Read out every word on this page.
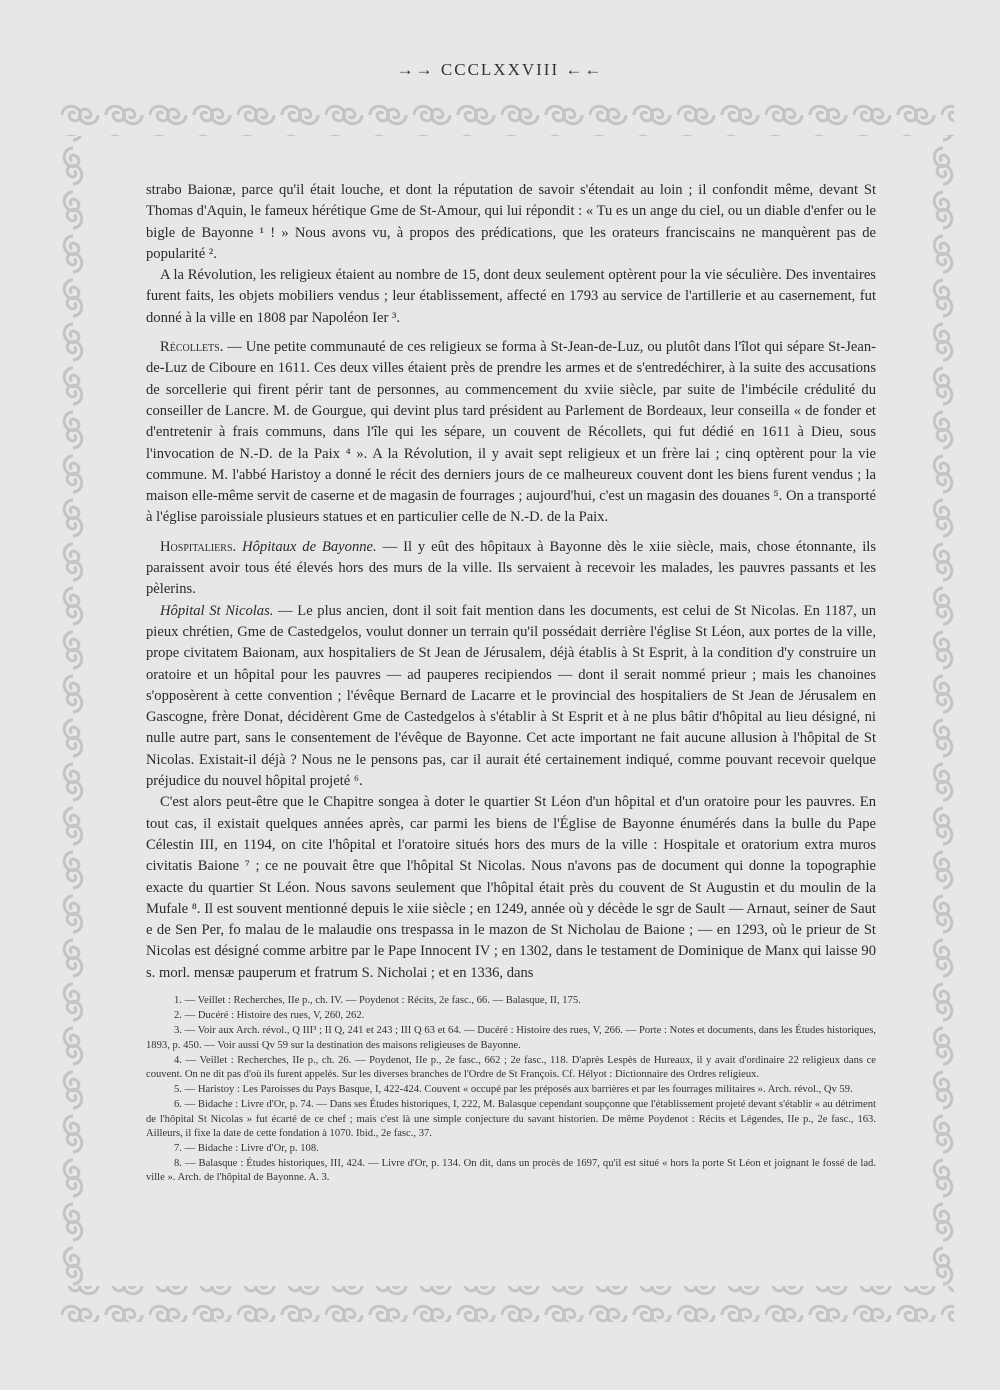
→→ CCCLXXVIII ←←

strabo Baionæ, parce qu'il était louche, et dont la réputation de savoir s'étendait au loin ; il confondit même, devant St Thomas d'Aquin, le fameux hérétique Gme de St-Amour, qui lui répondit : « Tu es un ange du ciel, ou un diable d'enfer ou le bigle de Bayonne ¹ ! » Nous avons vu, à propos des prédications, que les orateurs franciscains ne manquèrent pas de popularité ².

A la Révolution, les religieux étaient au nombre de 15, dont deux seulement optèrent pour la vie séculière. Des inventaires furent faits, les objets mobiliers vendus ; leur établissement, affecté en 1793 au service de l'artillerie et au casernement, fut donné à la ville en 1808 par Napoléon Ier ³.

Récollets. — Une petite communauté de ces religieux se forma à St-Jean-de-Luz, ou plutôt dans l'îlot qui sépare St-Jean-de-Luz de Ciboure en 1611. Ces deux villes étaient près de prendre les armes et de s'entredéchirer, à la suite des accusations de sorcellerie qui firent périr tant de personnes, au commencement du xviie siècle, par suite de l'imbécile crédulité du conseiller de Lancre. M. de Gourgue, qui devint plus tard président au Parlement de Bordeaux, leur conseilla « de fonder et d'entretenir à frais communs, dans l'île qui les sépare, un couvent de Récollets, qui fut dédié en 1611 à Dieu, sous l'invocation de N.-D. de la Paix ⁴ ». A la Révolution, il y avait sept religieux et un frère lai ; cinq optèrent pour la vie commune. M. l'abbé Haristoy a donné le récit des derniers jours de ce malheureux couvent dont les biens furent vendus ; la maison elle-même servit de caserne et de magasin de fourrages ; aujourd'hui, c'est un magasin des douanes ⁵. On a transporté à l'église paroissiale plusieurs statues et en particulier celle de N.-D. de la Paix.

Hospitaliers. Hôpitaux de Bayonne. — Il y eût des hôpitaux à Bayonne dès le xiie siècle, mais, chose étonnante, ils paraissent avoir tous été élevés hors des murs de la ville. Ils servaient à recevoir les malades, les pauvres passants et les pèlerins.

Hôpital St Nicolas. — Le plus ancien, dont il soit fait mention dans les documents, est celui de St Nicolas. En 1187, un pieux chrétien, Gme de Castedgelos, voulut donner un terrain qu'il possédait derrière l'église St Léon, aux portes de la ville, prope civitatem Baionam, aux hospitaliers de St Jean de Jérusalem, déjà établis à St Esprit, à la condition d'y construire un oratoire et un hôpital pour les pauvres — ad pauperes recipiendos — dont il serait nommé prieur ; mais les chanoines s'opposèrent à cette convention ; l'évêque Bernard de Lacarre et le provincial des hospitaliers de St Jean de Jérusalem en Gascogne, frère Donat, décidèrent Gme de Castedgelos à s'établir à St Esprit et à ne plus bâtir d'hôpital au lieu désigné, ni nulle autre part, sans le consentement de l'évêque de Bayonne. Cet acte important ne fait aucune allusion à l'hôpital de St Nicolas. Existait-il déjà ? Nous ne le pensons pas, car il aurait été certainement indiqué, comme pouvant recevoir quelque préjudice du nouvel hôpital projeté ⁶.

C'est alors peut-être que le Chapitre songea à doter le quartier St Léon d'un hôpital et d'un oratoire pour les pauvres. En tout cas, il existait quelques années après, car parmi les biens de l'Église de Bayonne énumérés dans la bulle du Pape Célestin III, en 1194, on cite l'hôpital et l'oratoire situés hors des murs de la ville : Hospitale et oratorium extra muros civitatis Baione ⁷ ; ce ne pouvait être que l'hôpital St Nicolas. Nous n'avons pas de document qui donne la topographie exacte du quartier St Léon. Nous savons seulement que l'hôpital était près du couvent de St Augustin et du moulin de la Mufale ⁸. Il est souvent mentionné depuis le xiie siècle ; en 1249, année où y décède le sgr de Sault — Arnaut, seiner de Saut e de Sen Per, fo malau de le malaudie ons trespassa in le mazon de St Nicholau de Baione ; — en 1293, où le prieur de St Nicolas est désigné comme arbitre par le Pape Innocent IV ; en 1302, dans le testament de Dominique de Manx qui laisse 90 s. morl. mensæ pauperum et fratrum S. Nicholai ; et en 1336, dans

1. — Veillet : Recherches, IIe p., ch. IV. — Poydenot : Récits, 2e fasc., 66. — Balasque, II, 175.

2. — Ducéré : Histoire des rues, V, 260, 262.

3. — Voir aux Arch. révol., Q III³ ; II Q, 241 et 243 ; III Q 63 et 64. — Ducéré : Histoire des rues, V, 266. — Porte : Notes et documents, dans les Études historiques, 1893, p. 450. — Voir aussi Qv 59 sur la destination des maisons religieuses de Bayonne.

4. — Veillet : Recherches, IIe p., ch. 26. — Poydenot, IIe p., 2e fasc., 662 ; 2e fasc., 118. D'après Lespès de Hureaux, il y avait d'ordinaire 22 religieux dans ce couvent. On ne dit pas d'où ils furent appelés. Sur les diverses branches de l'Ordre de St François. Cf. Hélyot : Dictionnaire des Ordres religieux.

5. — Haristoy : Les Paroisses du Pays Basque, I, 422-424. Couvent « occupé par les préposés aux barrières et par les fourrages militaires ». Arch. révol., Qv 59.

6. — Bidache : Livre d'Or, p. 74. — Dans ses Études historiques, I, 222, M. Balasque cependant soupçonne que l'établissement projeté devant s'établir « au détriment de l'hôpital St Nicolas » fut écarté de ce chef ; mais c'est là une simple conjecture du savant historien. De même Poydenot : Récits et Légendes, IIe p., 2e fasc., 163. Ailleurs, il fixe la date de cette fondation à 1070. Ibid., 2e fasc., 37.

7. — Bidache : Livre d'Or, p. 108.

8. — Balasque : Études historiques, III, 424. — Livre d'Or, p. 134. On dit, dans un procès de 1697, qu'il est situé « hors la porte St Léon et joignant le fossé de lad. ville ». Arch. de l'hôpital de Bayonne. A. 3.
